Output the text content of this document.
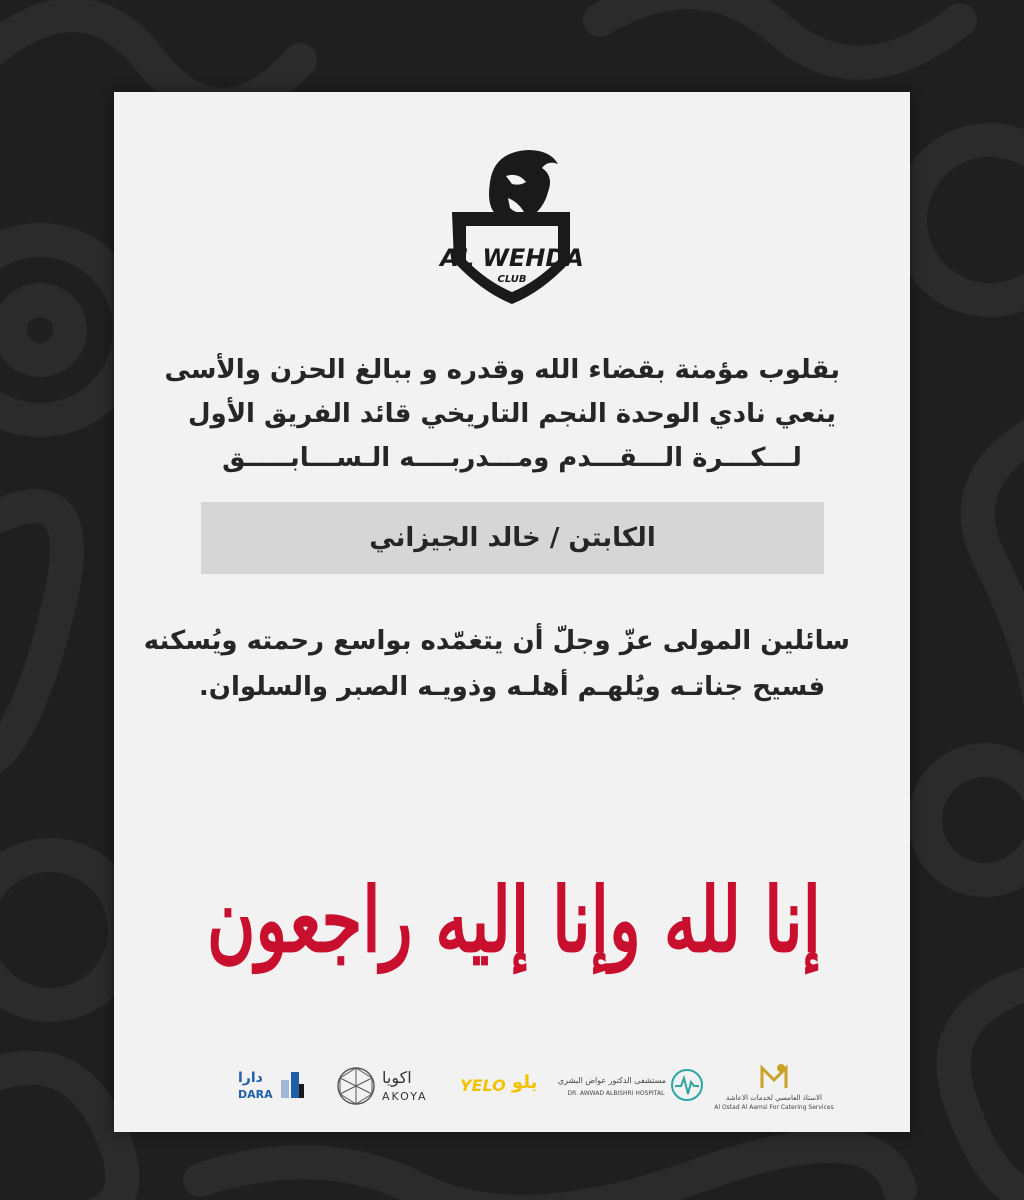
AL WEHDA
CLUB
بقلوب مؤمنة بقضاء الله وقدره و ببالغ الحزن والأسى
ينعي نادي الوحدة النجم التاريخي قائد الفريق الأول
لـــكـــرة الـــقـــدم ومـــدربــــه الـســـابـــــق
الكابتن / خالد الجيزاني
سائلين المولى عزّ وجلّ أن يتغمّده بواسع رحمته ويُسكنه
فسيح جناتـه ويُلهـم أهلـه وذويـه الصبر والسلوان.
إنا لله وإنا إليه راجعون
الاستاذ العامسي لخدمات الاعاشة
Al Ostad Al Aamsi For Catering Services
مستشفى الدكتور عواض البشري
DR. AWWAD ALBISHRI HOSPITAL
YELO يلو
اكويا
AKOYA
دارا
DARA
